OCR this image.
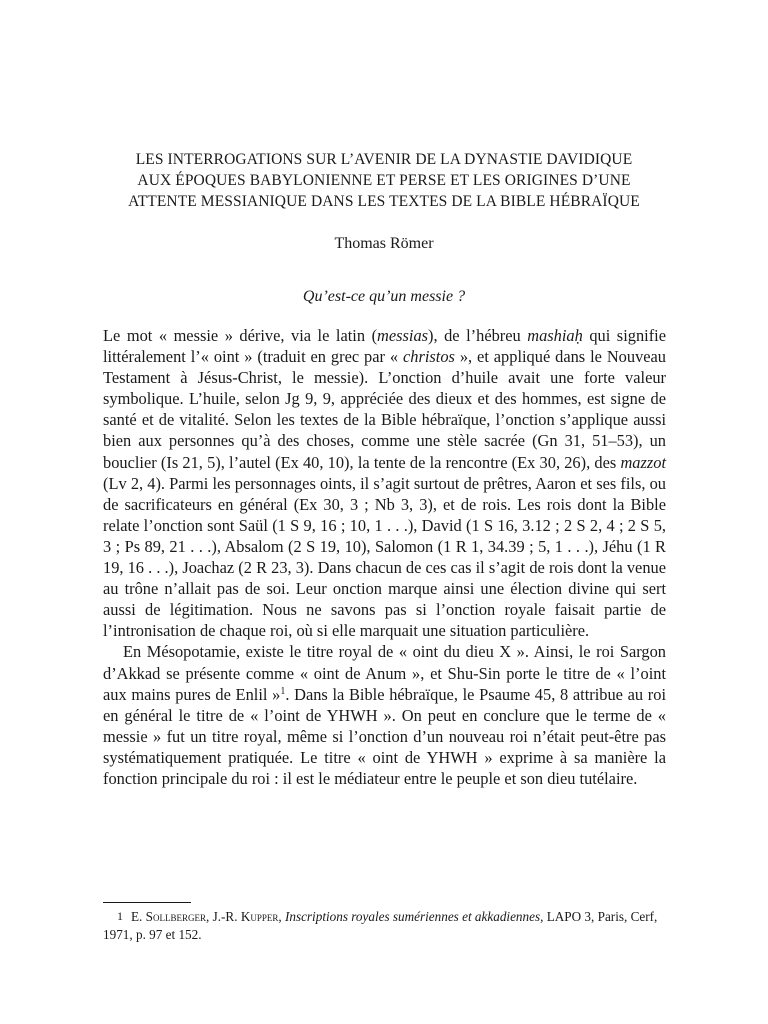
LES INTERROGATIONS SUR L’AVENIR DE LA DYNASTIE DAVIDIQUE
AUX ÉPOQUES BABYLONIENNE ET PERSE ET LES ORIGINES D’UNE
ATTENTE MESSIANIQUE DANS LES TEXTES DE LA BIBLE HÉBRAÏQUE
Thomas Römer
Qu’est-ce qu’un messie ?

Le mot « messie » dérive, via le latin (messias), de l’hébreu mashiaḥ qui signifie littéralement l’« oint » (traduit en grec par « christos », et appliqué dans le Nouveau Testament à Jésus-Christ, le messie). L’onction d’huile avait une forte valeur symbolique. L’huile, selon Jg 9, 9, appréciée des dieux et des hommes, est signe de santé et de vitalité. Selon les textes de la Bible hébraïque, l’onction s’applique aussi bien aux personnes qu’à des choses, comme une stèle sacrée (Gn 31, 51–53), un bouclier (Is 21, 5), l’autel (Ex 40, 10), la tente de la rencontre (Ex 30, 26), des mazzot (Lv 2, 4). Parmi les personnages oints, il s’agit surtout de prêtres, Aaron et ses fils, ou de sacrificateurs en général (Ex 30, 3 ; Nb 3, 3), et de rois. Les rois dont la Bible relate l’onction sont Saül (1 S 9, 16 ; 10, 1 . . .), David (1 S 16, 3.12 ; 2 S 2, 4 ; 2 S 5, 3 ; Ps 89, 21 . . .), Absalom (2 S 19, 10), Salomon (1 R 1, 34.39 ; 5, 1 . . .), Jéhu (1 R 19, 16 . . .), Joachaz (2 R 23, 3). Dans chacun de ces cas il s’agit de rois dont la venue au trône n’allait pas de soi. Leur onction marque ainsi une élection divine qui sert aussi de légitimation. Nous ne savons pas si l’onction royale faisait partie de l’intronisation de chaque roi, où si elle marquait une situation particulière.

En Mésopotamie, existe le titre royal de « oint du dieu X ». Ainsi, le roi Sargon d’Akkad se présente comme « oint de Anum », et Shu-Sin porte le titre de « l’oint aux mains pures de Enlil »$^1$. Dans la Bible hébraïque, le Psaume 45, 8 attribue au roi en général le titre de « l’oint de YHWH ». On peut en conclure que le terme de « messie » fut un titre royal, même si l’onction d’un nouveau roi n’était peut-être pas systématiquement pratiquée. Le titre « oint de YHWH » exprime à sa manière la fonction principale du roi : il est le médiateur entre le peuple et son dieu tutélaire.

1 E. Sollberger, J.-R. Kupper, Inscriptions royales sumériennes et akkadiennes, LAPO 3, Paris, Cerf, 1971, p. 97 et 152.
